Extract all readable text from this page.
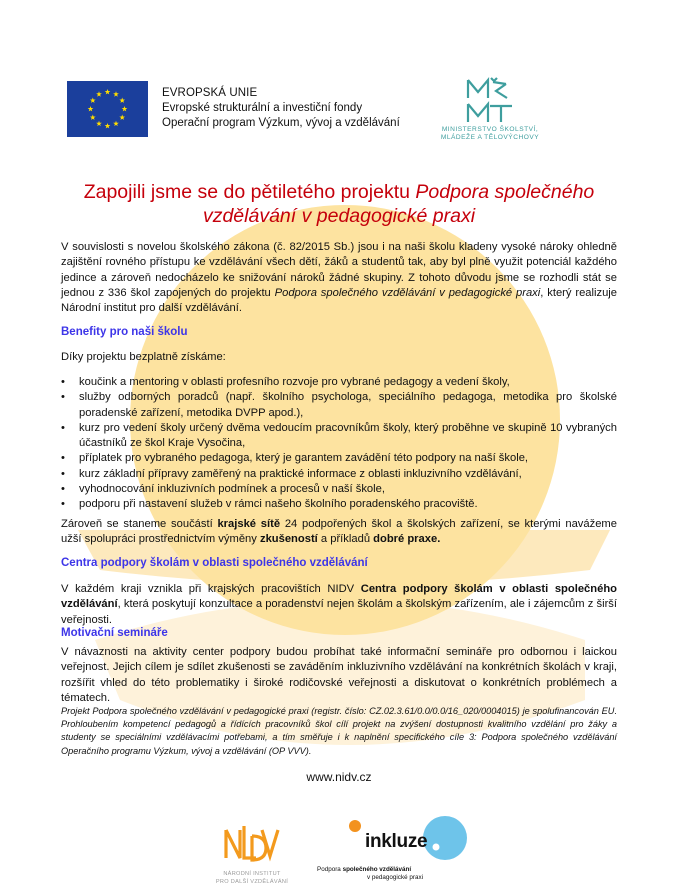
EVROPSKÁ UNIE
Evropské strukturální a investiční fondy
Operační program Výzkum, vývoj a vzdělávání
MINISTERSTVO ŠKOLSTVÍ,
MLÁDEŽE A TĚLOVÝCHOVY
Zapojili jsme se do pětiletého projektu Podpora společného
vzdělávání v pedagogické praxi
V souvislosti s novelou školského zákona (č. 82/2015 Sb.) jsou i na naši školu kladeny vysoké nároky ohledně zajištění rovného přístupu ke vzdělávání všech dětí, žáků a studentů tak, aby byl plně využit potenciál každého jedince a zároveň nedocházelo ke snižování nároků žádné skupiny. Z tohoto důvodu jsme se rozhodli stát se jednou z 336 škol zapojených do projektu Podpora společného vzdělávání v pedagogické praxi, který realizuje Národní institut pro další vzdělávání.
Benefity pro naši školu
Díky projektu bezplatně získáme:
•	koučink a mentoring v oblasti profesního rozvoje pro vybrané pedagogy a vedení školy,
•	služby odborných poradců (např. školního psychologa, speciálního pedagoga, metodika pro školské poradenské zařízení, metodika DVPP apod.),
•	kurz pro vedení školy určený dvěma vedoucím pracovníkům školy, který proběhne ve skupině 10 vybraných účastníků ze škol Kraje Vysočina,
•	příplatek pro vybraného pedagoga, který je garantem zavádění této podpory na naší škole,
•	kurz základní přípravy zaměřený na praktické informace z oblasti inkluzivního vzdělávání,
•	vyhodnocování inkluzivních podmínek a procesů v naší škole,
•	podporu při nastavení služeb v rámci našeho školního poradenského pracoviště.
Zároveň se staneme součástí krajské sítě 24 podpořených škol a školských zařízení, se kterými navážeme užší spolupráci prostřednictvím výměny zkušeností a příkladů dobré praxe.
Centra podpory školám v oblasti společného vzdělávání
V každém kraji vznikla při krajských pracovištích NIDV Centra podpory školám v oblasti společného vzdělávání, která poskytují konzultace a poradenství nejen školám a školským zařízením, ale i zájemcům z širší veřejnosti.
Motivační semináře
V návaznosti na aktivity center podpory budou probíhat také informační semináře pro odbornou i laickou veřejnost. Jejich cílem je sdílet zkušenosti se zaváděním inkluzivního vzdělávání na konkrétních školách v kraji, rozšířit vhled do této problematiky i široké rodičovské veřejnosti a diskutovat o konkrétních problémech a tématech.
Projekt Podpora společného vzdělávání v pedagogické praxi (registr. číslo: CZ.02.3.61/0.0/0.0/16_020/0004015) je spolufinancován EU. Prohloubením kompetencí pedagogů a řídících pracovníků škol cílí projekt na zvýšení dostupnosti kvalitního vzdělání pro žáky a studenty se speciálními vzdělávacími potřebami, a tím směřuje i k naplnění specifického cíle 3: Podpora společného vzdělávání Operačního programu Výzkum, vývoj a vzdělávání (OP VVV).
www.nidv.cz
NÁRODNÍ INSTITUT
PRO DALŠÍ VZDĚLÁVÁNÍ
inkluze
Podpora společného vzdělávání
v pedagogické praxi
